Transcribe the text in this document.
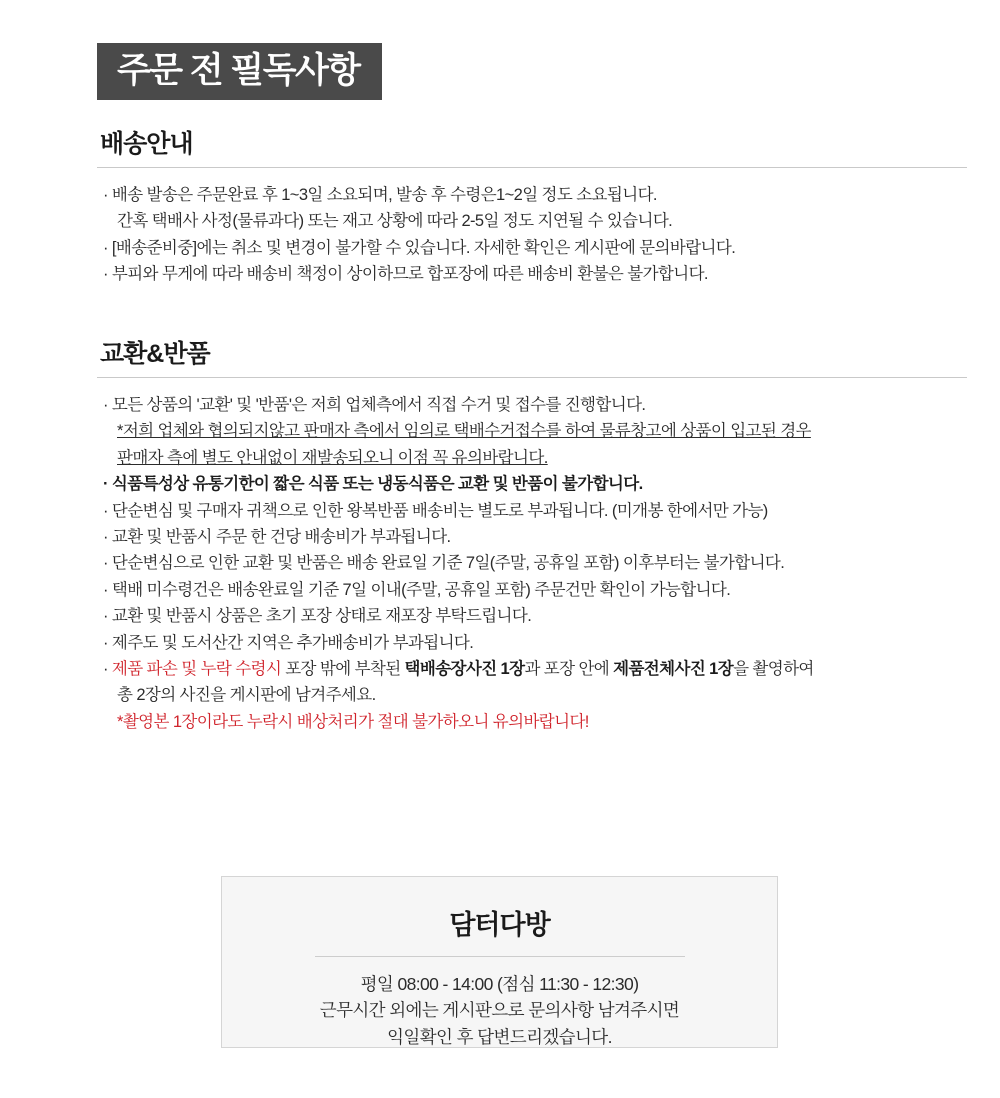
주문 전 필독사항
배송안내
· 배송 발송은 주문완료 후 1~3일 소요되며, 발송 후 수령은1~2일 정도 소요됩니다.
간혹 택배사 사정(물류과다) 또는 재고 상황에 따라 2-5일 정도 지연될 수 있습니다.
· [배송준비중]에는 취소 및 변경이 불가할 수 있습니다. 자세한 확인은 게시판에 문의바랍니다.
· 부피와 무게에 따라 배송비 책정이 상이하므로 합포장에 따른 배송비 환불은 불가합니다.
교환&반품
· 모든 상품의 '교환' 및 '반품'은 저희 업체측에서 직접 수거 및 접수를 진행합니다.
*저희 업체와 협의되지않고 판매자 측에서 임의로 택배수거접수를 하여 물류창고에 상품이 입고된 경우
판매자 측에 별도 안내없이 재발송되오니 이점 꼭 유의바랍니다.
· 식품특성상 유통기한이 짧은 식품 또는 냉동식품은 교환 및 반품이 불가합니다.
· 단순변심 및 구매자 귀책으로 인한 왕복반품 배송비는 별도로 부과됩니다. (미개봉 한에서만 가능)
· 교환 및 반품시 주문 한 건당 배송비가 부과됩니다.
· 단순변심으로 인한 교환 및 반품은 배송 완료일 기준 7일(주말, 공휴일 포함) 이후부터는 불가합니다.
· 택배 미수령건은 배송완료일 기준 7일 이내(주말, 공휴일 포함) 주문건만 확인이 가능합니다.
· 교환 및 반품시 상품은 초기 포장 상태로 재포장 부탁드립니다.
· 제주도 및 도서산간 지역은 추가배송비가 부과됩니다.
· 제품 파손 및 누락 수령시 포장 밖에 부착된 택배송장사진 1장과 포장 안에 제품전체사진 1장을 촬영하여
총 2장의 사진을 게시판에 남겨주세요.
*촬영본 1장이라도 누락시 배상처리가 절대 불가하오니 유의바랍니다!
담터다방
평일 08:00 - 14:00 (점심 11:30 - 12:30)
근무시간 외에는 게시판으로 문의사항 남겨주시면
익일확인 후 답변드리겠습니다.
